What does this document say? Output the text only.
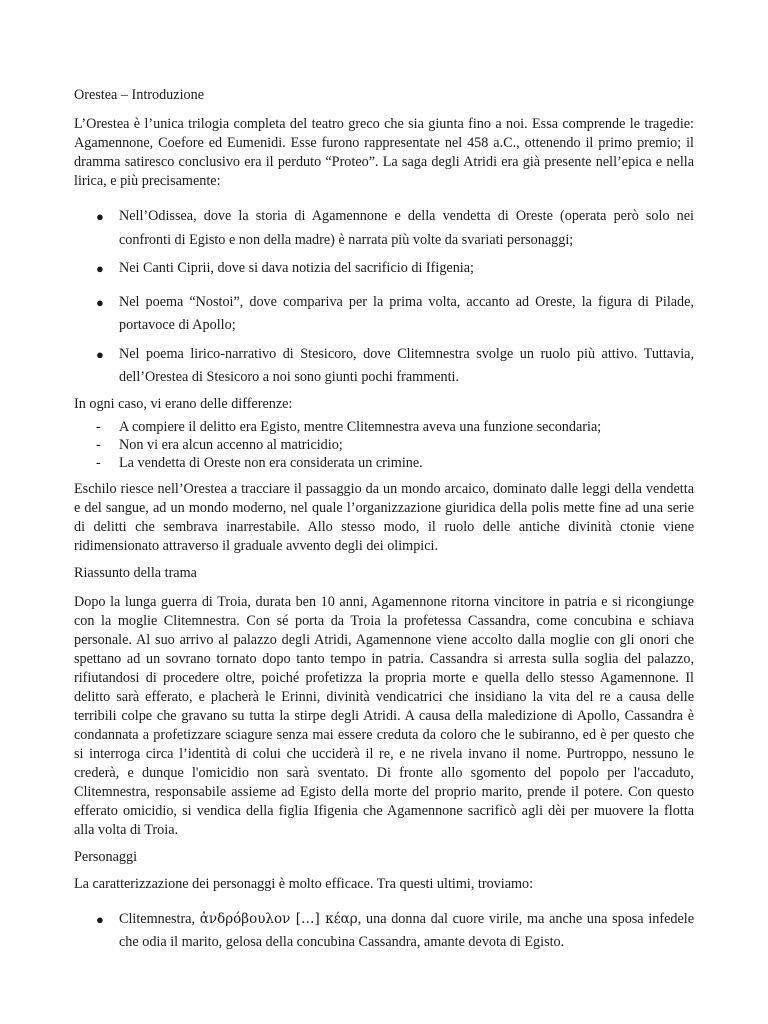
Orestea – Introduzione

L’Orestea è l’unica trilogia completa del teatro greco che sia giunta fino a noi. Essa comprende le tragedie: Agamennone, Coefore ed Eumenidi. Esse furono rappresentate nel 458 a.C., ottenendo il primo premio; il dramma satiresco conclusivo era il perduto “Proteo”. La saga degli Atridi era già presente nell’epica e nella lirica, e più precisamente:

● Nell’Odissea, dove la storia di Agamennone e della vendetta di Oreste (operata però solo nei confronti di Egisto e non della madre) è narrata più volte da svariati personaggi;
● Nei Canti Ciprii, dove si dava notizia del sacrificio di Ifigenia;
● Nel poema “Nostoi”, dove compariva per la prima volta, accanto ad Oreste, la figura di Pilade, portavoce di Apollo;
● Nel poema lirico-narrativo di Stesicoro, dove Clitemnestra svolge un ruolo più attivo. Tuttavia, dell’Orestea di Stesicoro a noi sono giunti pochi frammenti.

In ogni caso, vi erano delle differenze:

- A compiere il delitto era Egisto, mentre Clitemnestra aveva una funzione secondaria;
- Non vi era alcun accenno al matricidio;
- La vendetta di Oreste non era considerata un crimine.

Eschilo riesce nell’Orestea a tracciare il passaggio da un mondo arcaico, dominato dalle leggi della vendetta e del sangue, ad un mondo moderno, nel quale l’organizzazione giuridica della polis mette fine ad una serie di delitti che sembrava inarrestabile. Allo stesso modo, il ruolo delle antiche divinità ctonie viene ridimensionato attraverso il graduale avvento degli dei olimpici.

Riassunto della trama

Dopo la lunga guerra di Troia, durata ben 10 anni, Agamennone ritorna vincitore in patria e si ricongiunge con la moglie Clitemnestra. Con sé porta da Troia la profetessa Cassandra, come concubina e schiava personale. Al suo arrivo al palazzo degli Atridi, Agamennone viene accolto dalla moglie con gli onori che spettano ad un sovrano tornato dopo tanto tempo in patria. Cassandra si arresta sulla soglia del palazzo, rifiutandosi di procedere oltre, poiché profetizza la propria morte e quella dello stesso Agamennone. Il delitto sarà efferato, e placherà le Erinni, divinità vendicatrici che insidiano la vita del re a causa delle terribili colpe che gravano su tutta la stirpe degli Atridi. A causa della maledizione di Apollo, Cassandra è condannata a profetizzare sciagure senza mai essere creduta da coloro che le subiranno, ed è per questo che si interroga circa l’identità di colui che ucciderà il re, e ne rivela invano il nome. Purtroppo, nessuno le crederà, e dunque l'omicidio non sarà sventato. Di fronte allo sgomento del popolo per l'accaduto, Clitemnestra, responsabile assieme ad Egisto della morte del proprio marito, prende il potere. Con questo efferato omicidio, si vendica della figlia Ifigenia che Agamennone sacrificò agli dèi per muovere la flotta alla volta di Troia.

Personaggi

La caratterizzazione dei personaggi è molto efficace. Tra questi ultimi, troviamo:

● Clitemnestra, ἀνδρόβουλον […] κέαρ, una donna dal cuore virile, ma anche una sposa infedele che odia il marito, gelosa della concubina Cassandra, amante devota di Egisto.
